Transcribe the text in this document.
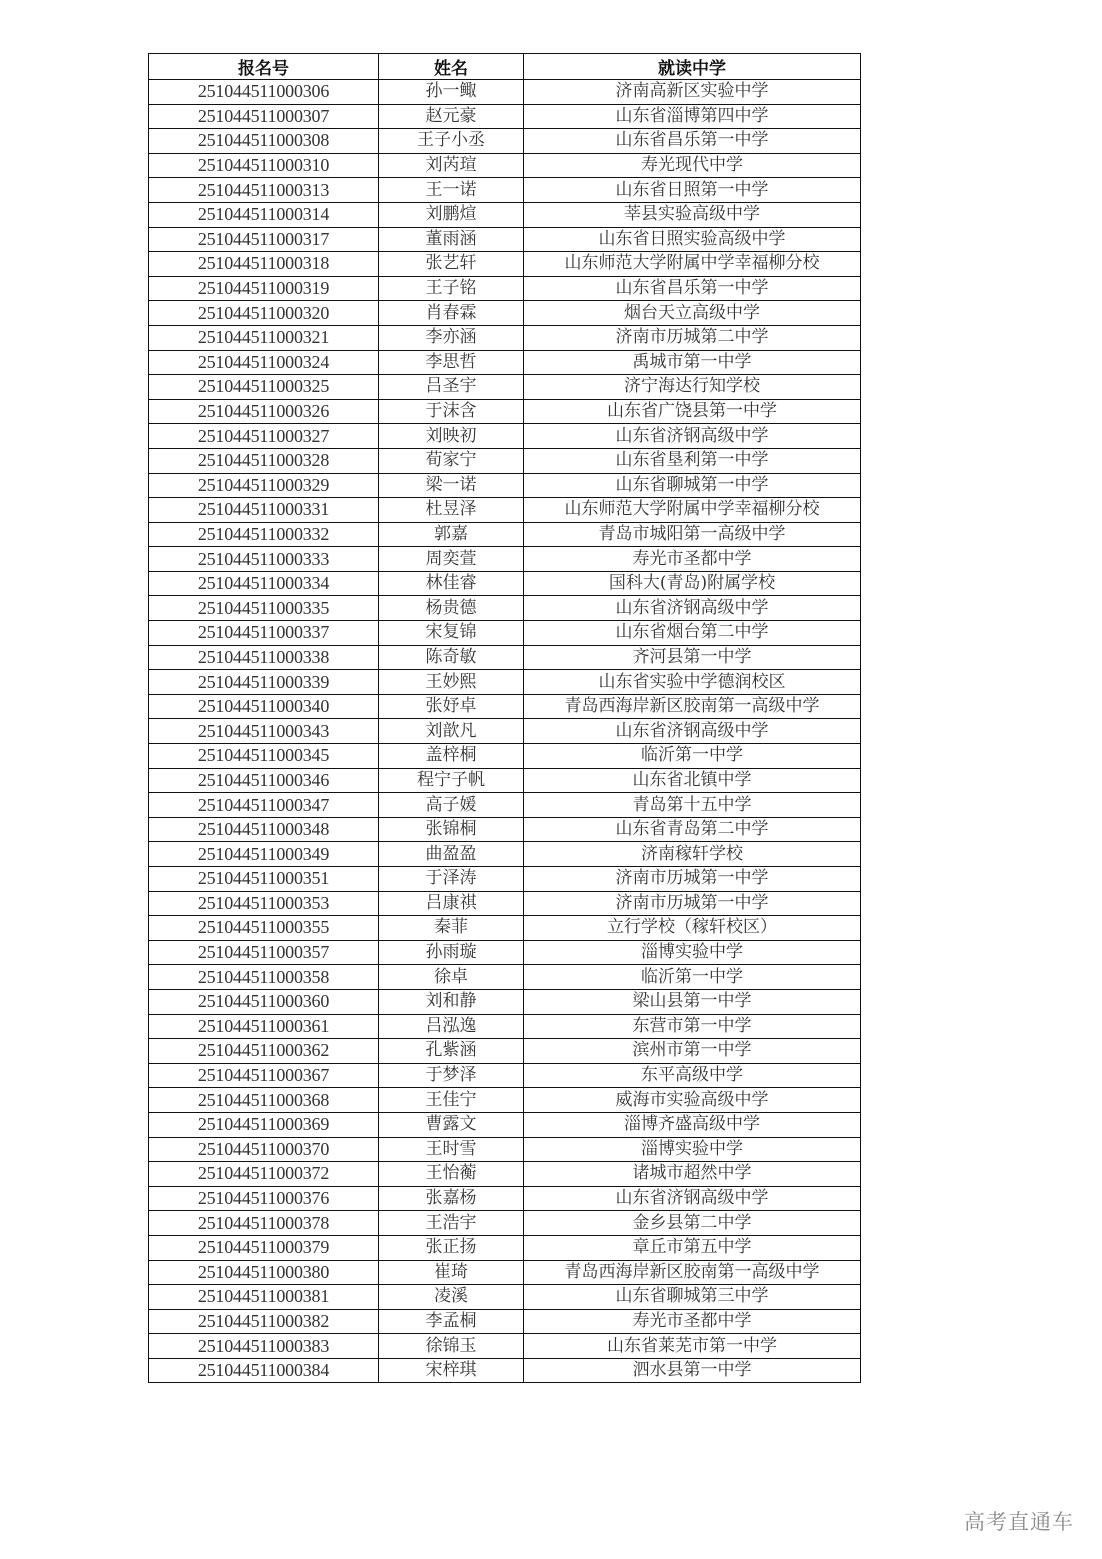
报名号	姓名	就读中学
251044511000306	孙一鲰	济南高新区实验中学
251044511000307	赵元豪	山东省淄博第四中学
251044511000308	王子小丞	山东省昌乐第一中学
251044511000310	刘芮瑄	寿光现代中学
251044511000313	王一诺	山东省日照第一中学
251044511000314	刘鹏煊	莘县实验高级中学
251044511000317	董雨涵	山东省日照实验高级中学
251044511000318	张艺轩	山东师范大学附属中学幸福柳分校
251044511000319	王子铭	山东省昌乐第一中学
251044511000320	肖春霖	烟台天立高级中学
251044511000321	李亦涵	济南市历城第二中学
251044511000324	李思哲	禹城市第一中学
251044511000325	吕圣宇	济宁海达行知学校
251044511000326	于沫含	山东省广饶县第一中学
251044511000327	刘映初	山东省济钢高级中学
251044511000328	荀家宁	山东省垦利第一中学
251044511000329	梁一诺	山东省聊城第一中学
251044511000331	杜昱泽	山东师范大学附属中学幸福柳分校
251044511000332	郭嘉	青岛市城阳第一高级中学
251044511000333	周奕萱	寿光市圣都中学
251044511000334	林佳睿	国科大(青岛)附属学校
251044511000335	杨贵德	山东省济钢高级中学
251044511000337	宋复锦	山东省烟台第二中学
251044511000338	陈奇敏	齐河县第一中学
251044511000339	王妙熙	山东省实验中学德润校区
251044511000340	张妤卓	青岛西海岸新区胶南第一高级中学
251044511000343	刘歆凡	山东省济钢高级中学
251044511000345	盖梓桐	临沂第一中学
251044511000346	程宁子帆	山东省北镇中学
251044511000347	高子媛	青岛第十五中学
251044511000348	张锦桐	山东省青岛第二中学
251044511000349	曲盈盈	济南稼轩学校
251044511000351	于泽涛	济南市历城第一中学
251044511000353	吕康祺	济南市历城第一中学
251044511000355	秦菲	立行学校（稼轩校区）
251044511000357	孙雨璇	淄博实验中学
251044511000358	徐卓	临沂第一中学
251044511000360	刘和静	梁山县第一中学
251044511000361	吕泓逸	东营市第一中学
251044511000362	孔紫涵	滨州市第一中学
251044511000367	于梦泽	东平高级中学
251044511000368	王佳宁	威海市实验高级中学
251044511000369	曹露文	淄博齐盛高级中学
251044511000370	王时雪	淄博实验中学
251044511000372	王怡蘅	诸城市超然中学
251044511000376	张嘉杨	山东省济钢高级中学
251044511000378	王浩宇	金乡县第二中学
251044511000379	张正扬	章丘市第五中学
251044511000380	崔琦	青岛西海岸新区胶南第一高级中学
251044511000381	凌溪	山东省聊城第三中学
251044511000382	李孟桐	寿光市圣都中学
251044511000383	徐锦玉	山东省莱芜市第一中学
251044511000384	宋梓琪	泗水县第一中学
高考直通车
